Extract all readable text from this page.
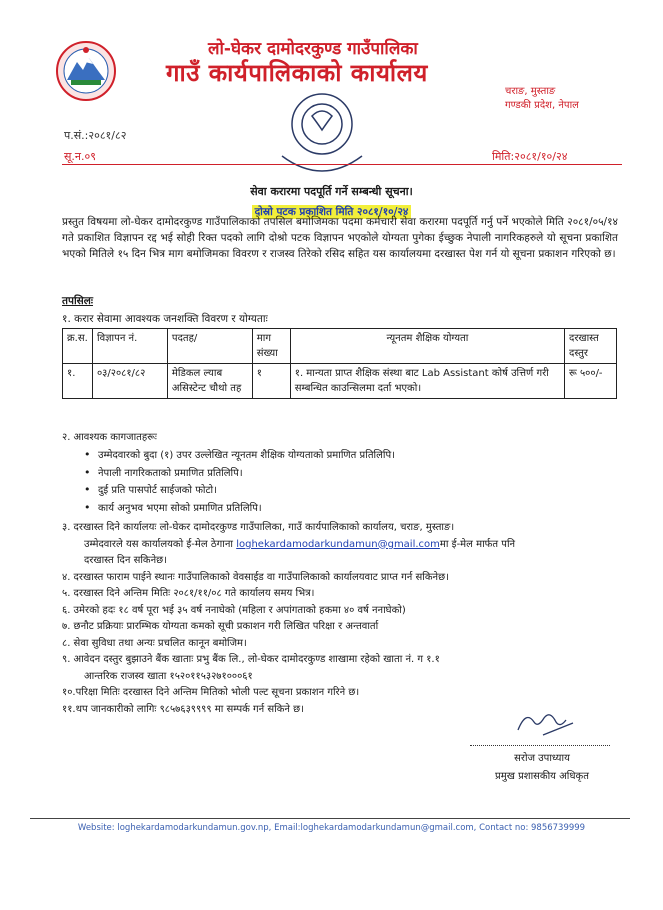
लो-घेकर दामोदरकुण्ड गाउँपालिका
गाउँ कार्यपालिकाको कार्यालय
चराङ, मुस्ताङ
गण्डकी प्रदेश, नेपाल
प.सं.:२०८१/८२
सू.न.०९	मिति:२०८१/१०/२४
सेवा करारमा पदपूर्ति गर्ने सम्बन्धी सूचना।
दोस्रो पटक प्रकाशित मिति २०८१/१०/२४
प्रस्तुत विषयमा लो-घेकर दामोदरकुण्ड गाउँपालिकाको तपसिल बमोजिमका पदमा कर्मचारी सेवा करारमा पदपूर्ति गर्नु पर्ने भएकोले मिति २०८१/०५/१४ गते प्रकाशित विज्ञापन रद्द भई सोही रिक्त पदको लागि दोश्रो पटक विज्ञापन भएकोले योग्यता पुगेका ईच्छुक नेपाली नागरिकहरुले यो सूचना प्रकाशित भएको मितिले १५ दिन भित्र माग बमोजिमका विवरण र राजस्व तिरेको रसिद सहित यस कार्यालयमा दरखास्त पेश गर्न यो सूचना प्रकाशन गरिएको छ।
तपसिलः
१. करार सेवामा आवश्यक जनशक्ति विवरण र योग्यताः
क्र.स.	विज्ञापन नं.	पदतह/	माग संख्या	न्यूनतम शैक्षिक योग्यता	दरखास्त दस्तुर
१.	०३/२०८१/८२	मेडिकल ल्याब असिस्टेन्ट चौथो तह	१	१. मान्यता प्राप्त शैक्षिक संस्था बाट Lab Assistant कोर्ष उत्तिर्ण गरी सम्बन्धित काउन्सिलमा दर्ता भएको।	रू ५००/-
२. आवश्यक कागजातहरूः
• उम्मेदवारको बुदा (१) उपर उल्लेखित न्यूनतम शैक्षिक योग्यताको प्रमाणित प्रतिलिपि।
• नेपाली नागरिकताको प्रमाणित प्रतिलिपि।
• दुई प्रति पासपोर्ट साईजको फोटो।
• कार्य अनुभव भएमा सोको प्रमाणित प्रतिलिपि।
३. दरखास्त दिने कार्यालयः लो-घेकर दामोदरकुण्ड गाउँपालिका, गाउँ कार्यपालिकाको कार्यालय, चराङ, मुस्ताङ।
उम्मेदवारले यस कार्यालयको ई-मेल ठेगाना loghekardamodarkundamun@gmail.comमा ई-मेल मार्फत पनि
दरखास्त दिन सकिनेछ।
४. दरखास्त फाराम पाईने स्थानः गाउँपालिकाको वेवसाईड वा गाउँपालिकाको कार्यालयवाट प्राप्त गर्न सकिनेछ।
५. दरखास्त दिने अन्तिम मितिः २०८१/११/०८ गते कार्यालय समय भित्र।
६. उमेरको हदः १८ वर्ष पूरा भई ३५ वर्ष ननाघेको (महिला र अपांगताको हकमा ४० वर्ष ननाघेको)
७. छनौट प्रक्रियाः प्रारम्भिक योग्यता कमको सूची प्रकाशन गरी लिखित परिक्षा र अन्तवार्ता
८. सेवा सुविधा तथा अन्यः प्रचलित कानून बमोजिम।
९. आवेदन दस्तुर बुझाउने बैंक खाताः प्रभु बैंक लि., लो-घेकर दामोदरकुण्ड शाखामा रहेको खाता नं. ग १.१
आन्तरिक राजस्व खाता १५२०११५३२७१०००६१
१०.परिक्षा मितिः दरखास्त दिने अन्तिम मितिको भोली पल्ट सूचना प्रकाशन गरिने छ।
११.थप जानकारीको लागिः ९८५७६३९९९९ मा सम्पर्क गर्न सकिने छ।
सरोज उपाध्याय
प्रमुख प्रशासकीय अधिकृत
Website: loghekardamodarkundamun.gov.np, Email:loghekardamodarkundamun@gmail.com, Contact no: 9856739999
